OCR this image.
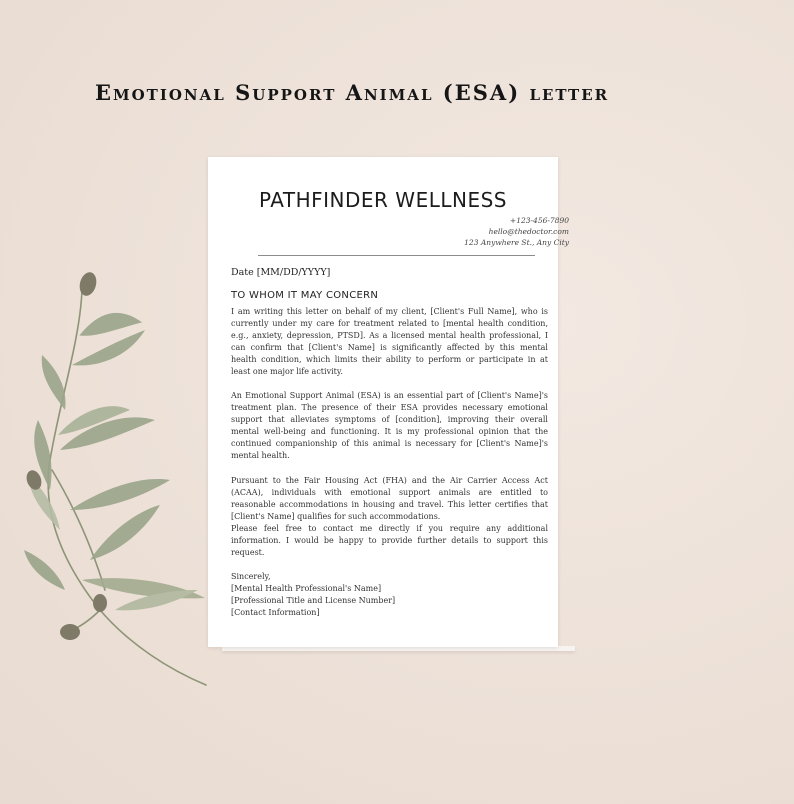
Emotional Support Animal (ESA) letter
PATHFINDER WELLNESS
+123-456-7890
hello@thedoctor.com
123 Anywhere St., Any City
Date [MM/DD/YYYY]
TO WHOM IT MAY CONCERN

I am writing this letter on behalf of my client, [Client's Full Name], who is currently under my care for treatment related to [mental health condition, e.g., anxiety, depression, PTSD]. As a licensed mental health professional, I can confirm that [Client's Name] is significantly affected by this mental health condition, which limits their ability to perform or participate in at least one major life activity.

An Emotional Support Animal (ESA) is an essential part of [Client's Name]'s treatment plan. The presence of their ESA provides necessary emotional support that alleviates symptoms of [condition], improving their overall mental well-being and functioning. It is my professional opinion that the continued companionship of this animal is necessary for [Client's Name]'s mental health.

Pursuant to the Fair Housing Act (FHA) and the Air Carrier Access Act (ACAA), individuals with emotional support animals are entitled to reasonable accommodations in housing and travel. This letter certifies that [Client's Name] qualifies for such accommodations.

Please feel free to contact me directly if you require any additional information. I would be happy to provide further details to support this request.

Sincerely,
[Mental Health Professional's Name]
[Professional Title and License Number]
[Contact Information]
